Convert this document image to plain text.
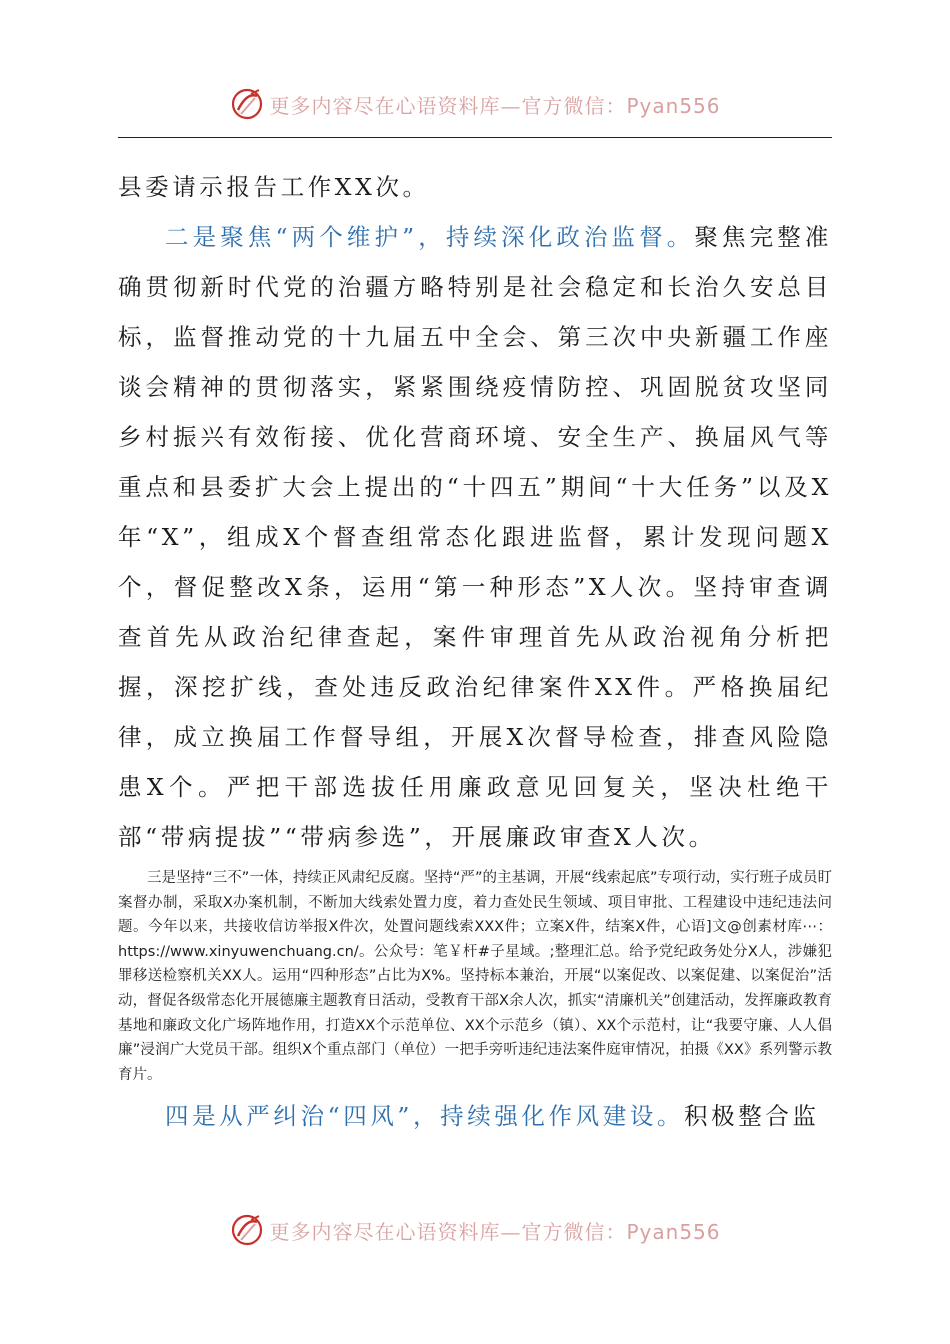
更多内容尽在心语资料库—官方微信：Pyan556

县委请示报告工作XX次。

二是聚焦“两个维护”，持续深化政治监督。聚焦完整准确贯彻新时代党的治疆方略特别是社会稳定和长治久安总目标，监督推动党的十九届五中全会、第三次中央新疆工作座谈会精神的贯彻落实，紧紧围绕疫情防控、巩固脱贫攻坚同乡村振兴有效衔接、优化营商环境、安全生产、换届风气等重点和县委扩大会上提出的“十四五”期间“十大任务”以及X年“X”，组成X个督查组常态化跟进监督，累计发现问题X个，督促整改X条，运用“第一种形态”X人次。坚持审查调查首先从政治纪律查起，案件审理首先从政治视角分析把握，深挖扩线，查处违反政治纪律案件XX件。严格换届纪律，成立换届工作督导组，开展X次督导检查，排查风险隐患X个。严把干部选拔任用廉政意见回复关，坚决杜绝干部“带病提拔”“带病参选”，开展廉政审查X人次。

三是坚持“三不”一体，持续正风肃纪反腐。坚持“严”的主基调，开展“线索起底”专项行动，实行班子成员盯案督办制，采取X办案机制，不断加大线索处置力度，着力查处民生领域、项目审批、工程建设中违纪违法问题。今年以来，共接收信访举报X件次，处置问题线索XXX件；立案X件，结案X件，心语]文@创素材库⋯：https://www.xinyuwenchuang.cn/。公众号：笔￥杆#子星域。;整理汇总。给予党纪政务处分X人，涉嫌犯罪移送检察机关XX人。运用“四种形态”占比为X%。坚持标本兼治，开展“以案促改、以案促建、以案促治”活动，督促各级常态化开展德廉主题教育日活动，受教育干部X余人次，抓实“清廉机关”创建活动，发挥廉政教育基地和廉政文化广场阵地作用，打造XX个示范单位、XX个示范乡（镇）、XX个示范村，让“我要守廉、人人倡廉”浸润广大党员干部。组织X个重点部门（单位）一把手旁听违纪违法案件庭审情况，拍摄《XX》系列警示教育片。

四是从严纠治“四风”，持续强化作风建设。积极整合监

更多内容尽在心语资料库—官方微信：Pyan556
